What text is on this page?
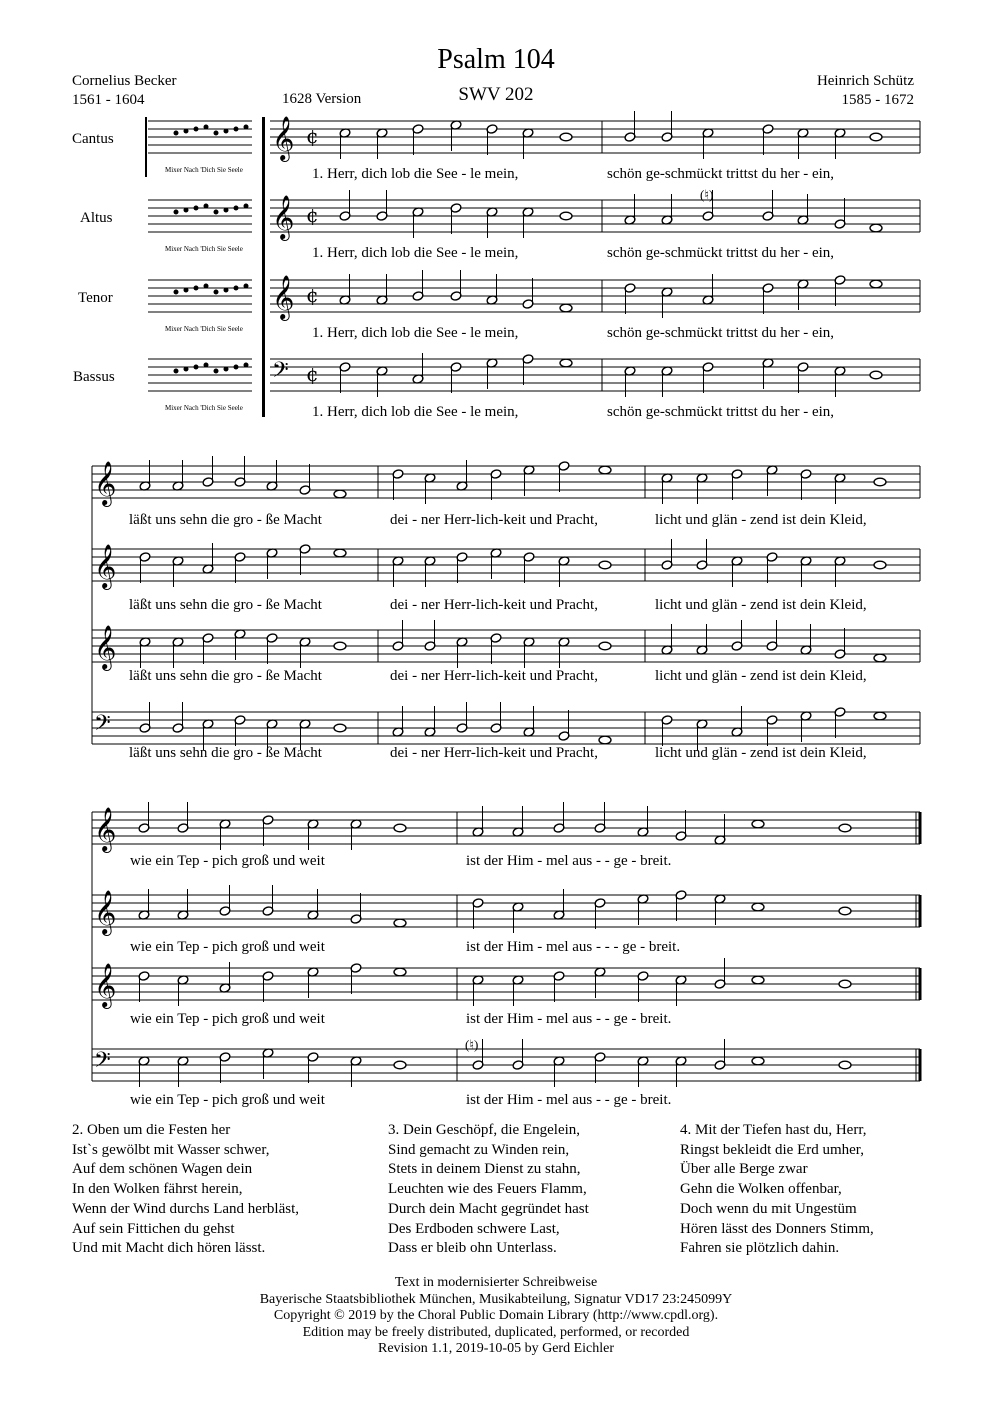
Psalm 104
SWV 202
Cornelius Becker
1561 - 1604
Heinrich Schütz
1585 - 1672
1628 Version
Cantus
Altus
Tenor
Bassus
Mixer Nach 'Dich Sie Seele
Mixer Nach 'Dich Sie Seele
Mixer Nach 'Dich Sie Seele
Mixer Nach 'Dich Sie Seele
𝄞 ¢
𝄞 ¢
𝄞 ¢
𝄢 ¢
𝄞
𝄞
𝄞
𝄢
𝄞
𝄞
𝄞
𝄢
1. Herr, dich lob die See - le mein,	schön ge-schmückt trittst du her - ein,
1. Herr, dich lob die See - le mein,	schön ge-schmückt trittst du her - ein,
1. Herr, dich lob die See - le mein,	schön ge-schmückt trittst du her - ein,
1. Herr, dich lob die See - le mein,	schön ge-schmückt trittst du her - ein,
(♮)
läßt uns sehn die gro - ße Macht	dei - ner Herr-lich-keit und Pracht,	licht und glän - zend ist dein Kleid,
läßt uns sehn die gro - ße Macht	dei - ner Herr-lich-keit und Pracht,	licht und glän - zend ist dein Kleid,
läßt uns sehn die gro - ße Macht	dei - ner Herr-lich-keit und Pracht,	licht und glän - zend ist dein Kleid,
läßt uns sehn die gro - ße Macht	dei - ner Herr-lich-keit und Pracht,	licht und glän - zend ist dein Kleid,
wie ein Tep - pich groß und weit	ist der Him - mel aus - - ge - breit.
wie ein Tep - pich groß und weit	ist der Him - mel aus - - - ge - breit.
wie ein Tep - pich groß und weit	ist der Him - mel aus - - ge - breit.
wie ein Tep - pich groß und weit	ist der Him - mel aus - - ge - breit.
(♮)
2. Oben um die Festen her
Ist`s gewölbt mit Wasser schwer,
Auf dem schönen Wagen dein
In den Wolken fährst herein,
Wenn der Wind durchs Land herbläst,
Auf sein Fittichen du gehst
Und mit Macht dich hören lässt.
3. Dein Geschöpf, die Engelein,
Sind gemacht zu Winden rein,
Stets in deinem Dienst zu stahn,
Leuchten wie des Feuers Flamm,
Durch dein Macht gegründet hast
Des Erdboden schwere Last,
Dass er bleib ohn Unterlass.
4. Mit der Tiefen hast du, Herr,
Ringst bekleidt die Erd umher,
Über alle Berge zwar
Gehn die Wolken offenbar,
Doch wenn du mit Ungestüm
Hören lässt des Donners Stimm,
Fahren sie plötzlich dahin.
Text in modernisierter Schreibweise
Bayerische Staatsbibliothek München, Musikabteilung, Signatur VD17 23:245099Y
Copyright © 2019 by the Choral Public Domain Library (http://www.cpdl.org).
Edition may be freely distributed, duplicated, performed, or recorded
Revision 1.1, 2019-10-05 by Gerd Eichler
